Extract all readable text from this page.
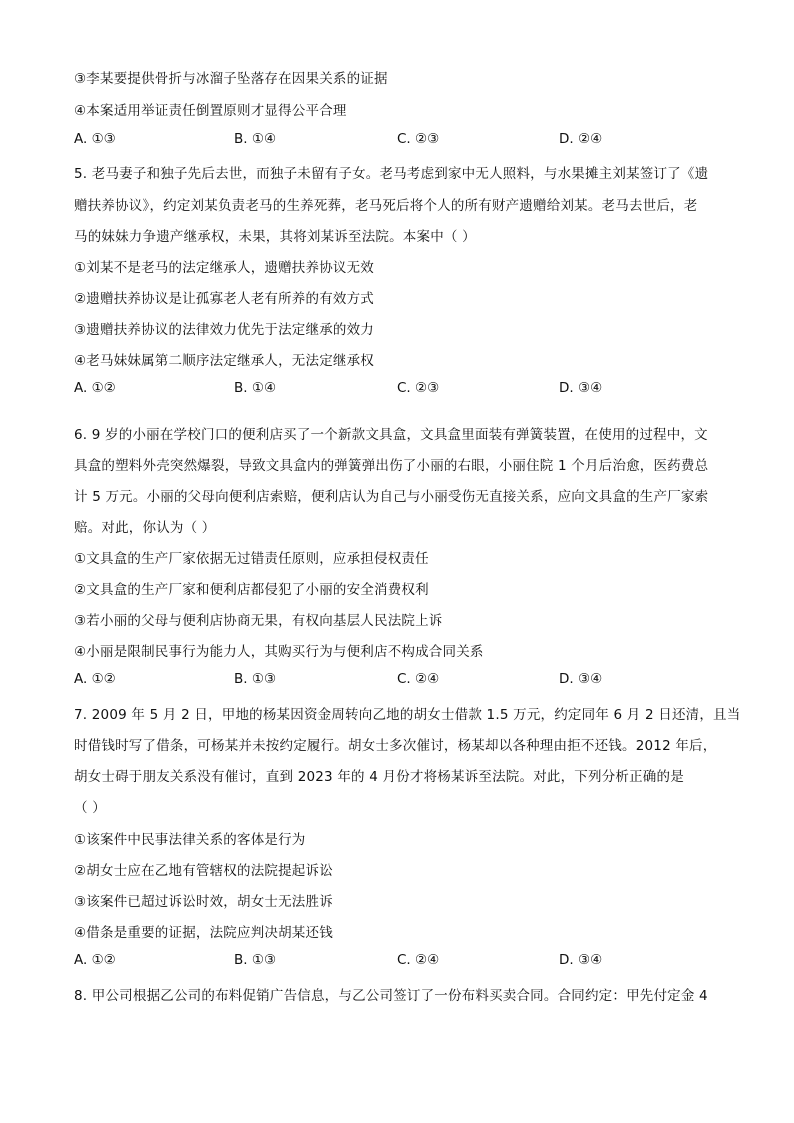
③李某要提供骨折与冰溜子坠落存在因果关系的证据
④本案适用举证责任倒置原则才显得公平合理
A. ①③	B. ①④	C. ②③	D. ②④
5. 老马妻子和独子先后去世，而独子未留有子女。老马考虑到家中无人照料，与水果摊主刘某签订了《遗
赠扶养协议》，约定刘某负责老马的生养死葬，老马死后将个人的所有财产遗赠给刘某。老马去世后，老
马的妹妹力争遗产继承权，未果，其将刘某诉至法院。本案中（ ）
①刘某不是老马的法定继承人，遗赠扶养协议无效
②遗赠扶养协议是让孤寡老人老有所养的有效方式
③遗赠扶养协议的法律效力优先于法定继承的效力
④老马妹妹属第二顺序法定继承人，无法定继承权
A. ①②	B. ①④	C. ②③	D. ③④
6. 9 岁的小丽在学校门口的便利店买了一个新款文具盒，文具盒里面装有弹簧装置，在使用的过程中，文
具盒的塑料外壳突然爆裂，导致文具盒内的弹簧弹出伤了小丽的右眼，小丽住院 1 个月后治愈，医药费总
计 5 万元。小丽的父母向便利店索赔，便利店认为自己与小丽受伤无直接关系，应向文具盒的生产厂家索
赔。对此，你认为（ ）
①文具盒的生产厂家依据无过错责任原则，应承担侵权责任
②文具盒的生产厂家和便利店都侵犯了小丽的安全消费权利
③若小丽的父母与便利店协商无果，有权向基层人民法院上诉
④小丽是限制民事行为能力人，其购买行为与便利店不构成合同关系
A. ①②	B. ①③	C. ②④	D. ③④
7. 2009 年 5 月 2 日，甲地的杨某因资金周转向乙地的胡女士借款 1.5 万元，约定同年 6 月 2 日还清，且当
时借钱时写了借条，可杨某并未按约定履行。胡女士多次催讨，杨某却以各种理由拒不还钱。2012 年后，
胡女士碍于朋友关系没有催讨，直到 2023 年的 4 月份才将杨某诉至法院。对此，下列分析正确的是
（ ）
①该案件中民事法律关系的客体是行为
②胡女士应在乙地有管辖权的法院提起诉讼
③该案件已超过诉讼时效，胡女士无法胜诉
④借条是重要的证据，法院应判决胡某还钱
A. ①②	B. ①③	C. ②④	D. ③④
8. 甲公司根据乙公司的布料促销广告信息，与乙公司签订了一份布料买卖合同。合同约定：甲先付定金 4
